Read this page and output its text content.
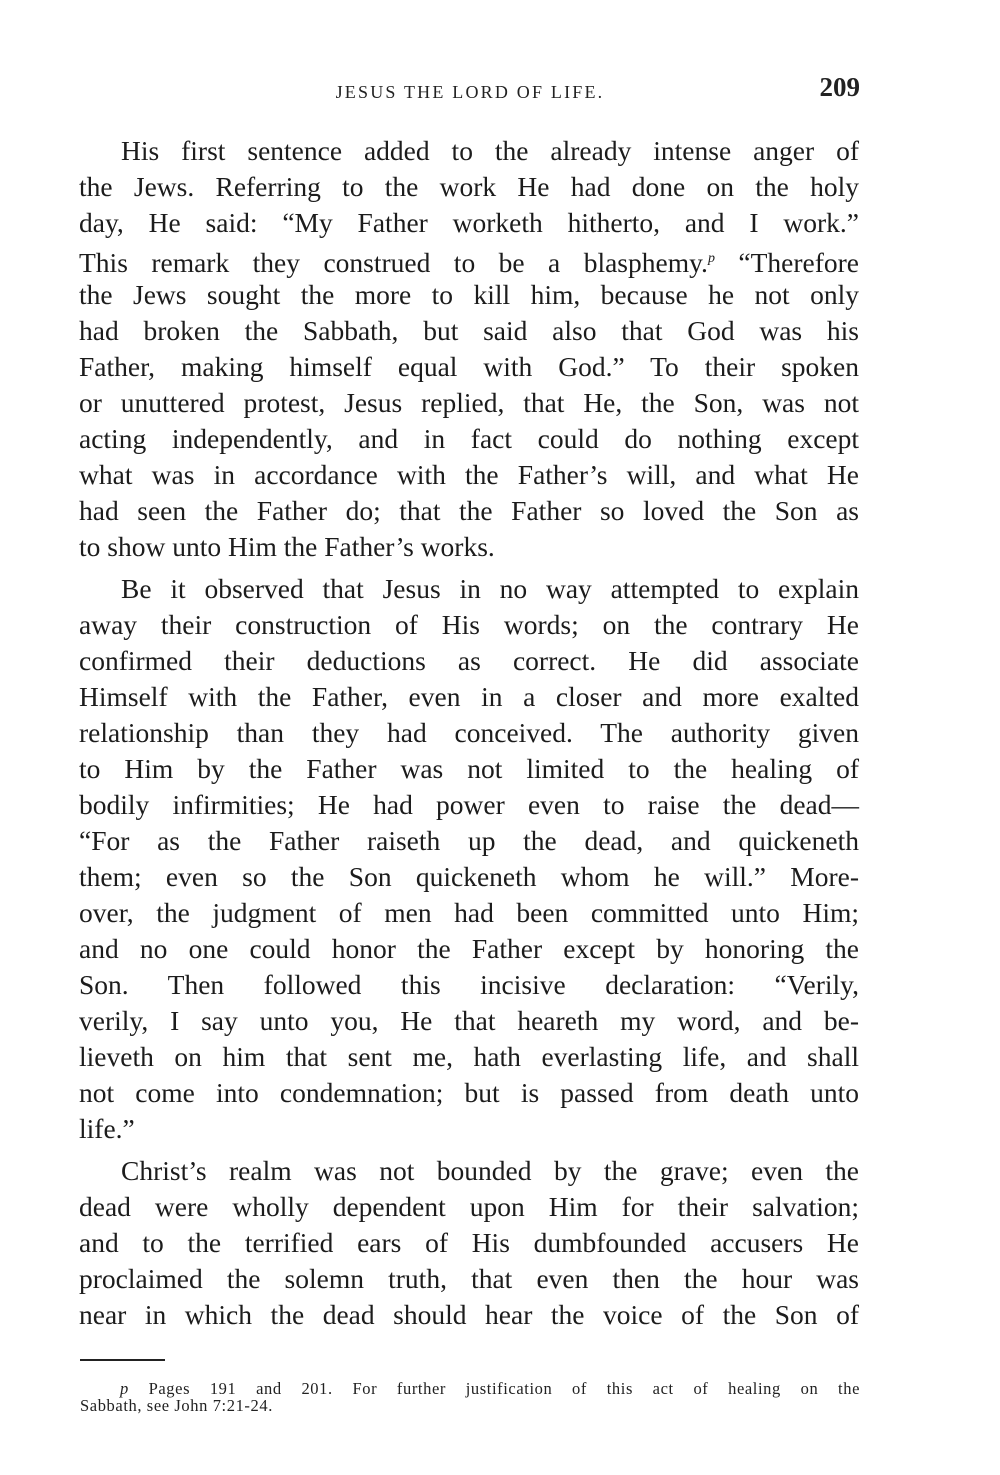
JESUS THE LORD OF LIFE.	209
His first sentence added to the already intense anger of
the Jews. Referring to the work He had done on the holy
day, He said: “My Father worketh hitherto, and I work.”
This remark they construed to be a blasphemy.$^p$ “Therefore
the Jews sought the more to kill him, because he not only
had broken the Sabbath, but said also that God was his
Father, making himself equal with God.” To their spoken
or unuttered protest, Jesus replied, that He, the Son, was not
acting independently, and in fact could do nothing except
what was in accordance with the Father’s will, and what He
had seen the Father do; that the Father so loved the Son as
to show unto Him the Father’s works.
Be it observed that Jesus in no way attempted to explain
away their construction of His words; on the contrary He
confirmed their deductions as correct. He did associate
Himself with the Father, even in a closer and more exalted
relationship than they had conceived. The authority given
to Him by the Father was not limited to the healing of
bodily infirmities; He had power even to raise the dead—
“For as the Father raiseth up the dead, and quickeneth
them; even so the Son quickeneth whom he will.” More-
over, the judgment of men had been committed unto Him;
and no one could honor the Father except by honoring the
Son. Then followed this incisive declaration: “Verily,
verily, I say unto you, He that heareth my word, and be-
lieveth on him that sent me, hath everlasting life, and shall
not come into condemnation; but is passed from death unto
life.”
Christ’s realm was not bounded by the grave; even the
dead were wholly dependent upon Him for their salvation;
and to the terrified ears of His dumbfounded accusers He
proclaimed the solemn truth, that even then the hour was
near in which the dead should hear the voice of the Son of
p Pages 191 and 201. For further justification of this act of healing on the
Sabbath, see John 7:21-24.
